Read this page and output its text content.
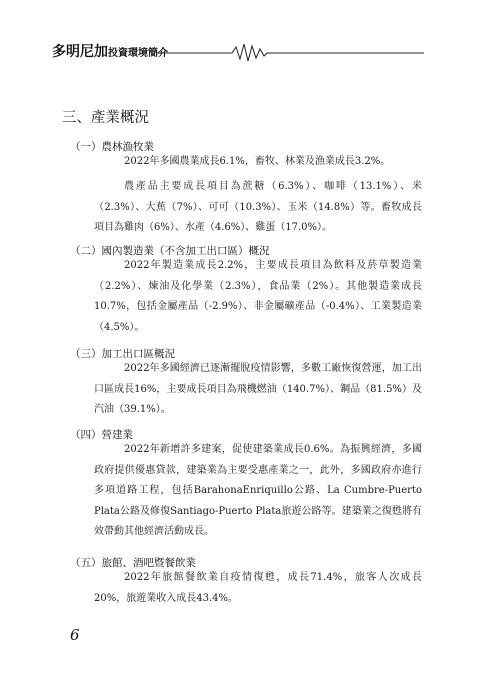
多明尼加投資環境簡介
三、產業概況
（一）農林漁牧業

2022年多國農業成長6.1%，畜牧、林業及漁業成長3.2%。

農產品主要成長項目為蔗糖（6.3%）、咖啡（13.1%）、米（2.3%）、大蕉（7%）、可可（10.3%）、玉米（14.8%）等。畜牧成長項目為雞肉（6%）、水產（4.6%）、雞蛋（17.0%）。

（二）國內製造業（不含加工出口區）概況

2022年製造業成長2.2%，主要成長項目為飲料及菸草製造業（2.2%）、煉油及化學業（2.3%），食品業（2%）。其他製造業成長10.7%，包括金屬產品（-2.9%）、非金屬礦產品（-0.4%）、工業製造業（4.5%）。

（三）加工出口區概況

2022年多國經濟已逐漸擺脫疫情影響，多數工廠恢復營運，加工出口區成長16%，主要成長項目為飛機燃油（140.7%）、鋼品（81.5%）及汽油（39.1%）。

（四）營建業

2022年新增許多建案，促使建築業成長0.6%。為振興經濟，多國政府提供優惠貸款，建築業為主要受惠產業之一，此外，多國政府亦進行多項道路工程，包括BarahonaEnriquillo公路、La Cumbre-Puerto Plata公路及修復Santiago-Puerto Plata旅遊公路等。建築業之復甦將有效帶動其他經濟活動成長。

（五）旅館、酒吧暨餐飲業

2022年旅館餐飲業自疫情復甦，成長71.4%，旅客人次成長20%，旅遊業收入成長43.4%。

6
